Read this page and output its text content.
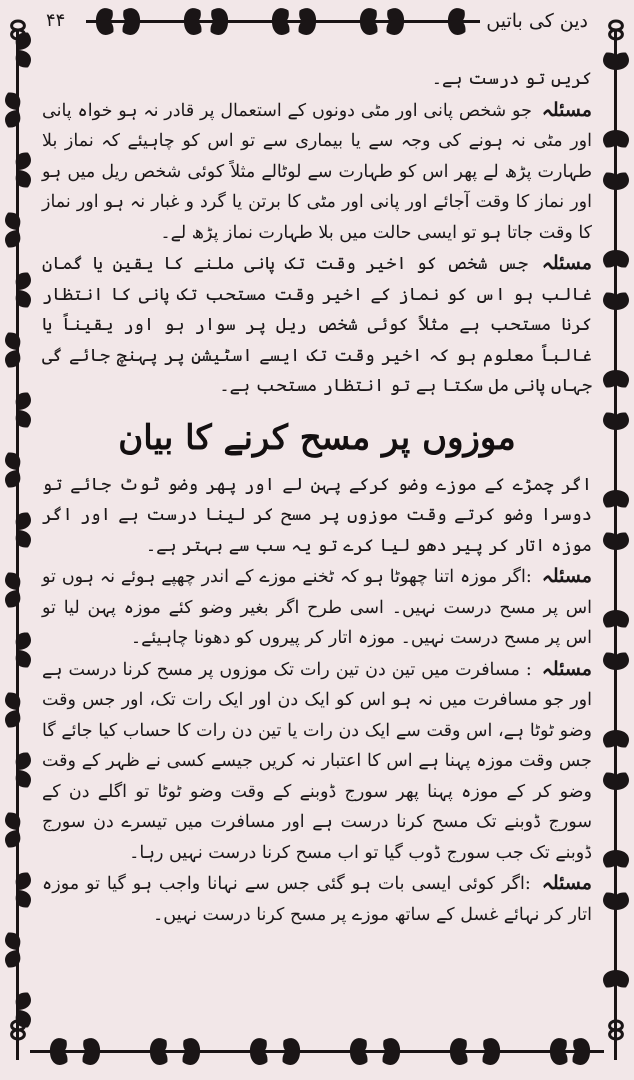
دین کی باتیں
۴۴

کریں تو درست ہے۔

مسئلہ جو شخص پانی اور مٹی دونوں کے استعمال پر قادر نہ ہو خواہ پانی اور مٹی نہ ہونے کی وجہ سے یا بیماری سے تو اس کو چاہیئے کہ نماز بلا طہارت پڑھ لے پھر اس کو طہارت سے لوٹالے مثلاً کوئی شخص ریل میں ہو اور نماز کا وقت آجائے اور پانی اور مٹی کا برتن یا گرد و غبار نہ ہو اور نماز کا وقت جاتا ہو تو ایسی حالت میں بلا طہارت نماز پڑھ لے۔

مسئلہ جس شخص کو اخیر وقت تک پانی ملنے کا یقین یا گمان غالب ہو اس کو نماز کے اخیر وقت مستحب تک پانی کا انتظار کرنا مستحب ہے مثلاً کوئی شخص ریل پر سوار ہو اور یقیناً یا غالباً معلوم ہو کہ اخیر وقت تک ایسے اسٹیشن پر پہنچ جائے گی جہاں پانی مل سکتا ہے تو انتظار مستحب ہے۔

موزوں پر مسح کرنے کا بیان

اگر چمڑے کے موزے وضو کرکے پہن لے اور پھر وضو ٹوٹ جائے تو دوسرا وضو کرتے وقت موزوں پر مسح کر لینا درست ہے اور اگر موزہ اتار کر پیر دھو لیا کرے تو یہ سب سے بہتر ہے۔

مسئلہ :اگر موزہ اتنا چھوٹا ہو کہ ٹخنے موزے کے اندر چھپے ہوئے نہ ہوں تو اس پر مسح درست نہیں۔ اسی طرح اگر بغیر وضو کئے موزہ پہن لیا تو اس پر مسح درست نہیں۔ موزہ اتار کر پیروں کو دھونا چاہیئے۔

مسئلہ : مسافرت میں تین دن تین رات تک موزوں پر مسح کرنا درست ہے اور جو مسافرت میں نہ ہو اس کو ایک دن اور ایک رات تک، اور جس وقت وضو ٹوٹا ہے، اس وقت سے ایک دن رات یا تین دن رات کا حساب کیا جائے گا جس وقت موزہ پہنا ہے اس کا اعتبار نہ کریں جیسے کسی نے ظہر کے وقت وضو کر کے موزہ پہنا پھر سورج ڈوبنے کے وقت وضو ٹوٹا تو اگلے دن کے سورج ڈوبنے تک مسح کرنا درست ہے اور مسافرت میں تیسرے دن سورج ڈوبنے تک جب سورج ڈوب گیا تو اب مسح کرنا درست نہیں رہا۔

مسئلہ :اگر کوئی ایسی بات ہو گئی جس سے نہانا واجب ہو گیا تو موزہ اتار کر نہائے غسل کے ساتھ موزے پر مسح کرنا درست نہیں۔
